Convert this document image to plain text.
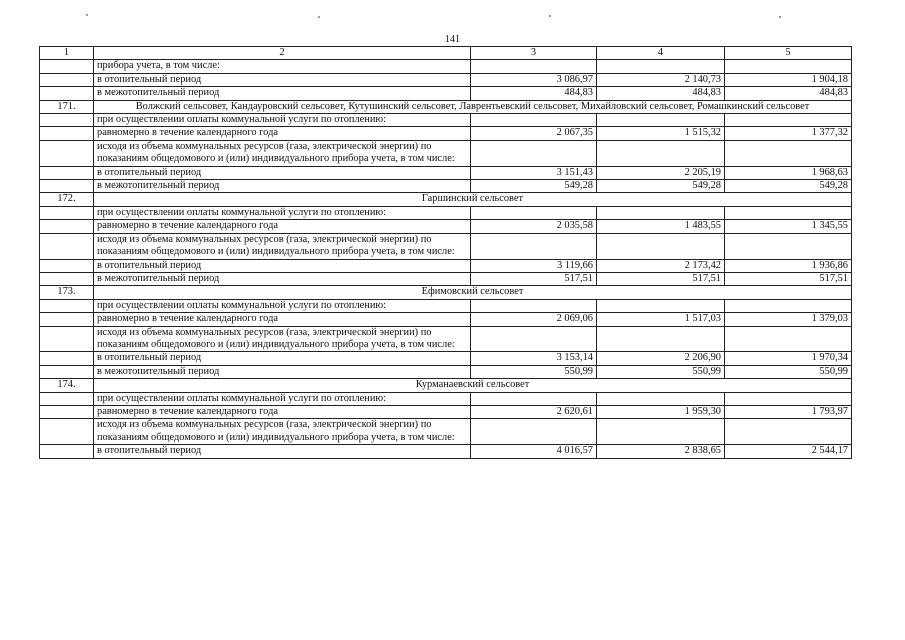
141
1	2	3	4	5
	прибора учета, в том числе:			
	в отопительный период	3 086,97	2 140,73	1 904,18
	в межотопительный период	484,83	484,83	484,83
171.	Волжский сельсовет, Кандауровский сельсовет, Кутушинский сельсовет, Лаврентьевский сельсовет, Михайловский сельсовет, Ромашкинский сельсовет			
	при осуществлении оплаты коммунальной услуги по отоплению:			
	равномерно в течение календарного года	2 067,35	1 515,32	1 377,32
	исходя из объема коммунальных ресурсов (газа, электрической энергии) по показаниям общедомового и (или) индивидуального прибора учета, в том числе:			
	в отопительный период	3 151,43	2 205,19	1 968,63
	в межотопительный период	549,28	549,28	549,28
172.	Гаршинский сельсовет			
	при осуществлении оплаты коммунальной услуги по отоплению:			
	равномерно в течение календарного года	2 035,58	1 483,55	1 345,55
	исходя из объема коммунальных ресурсов (газа, электрической энергии) по показаниям общедомового и (или) индивидуального прибора учета, в том числе:			
	в отопительный период	3 119,66	2 173,42	1 936,86
	в межотопительный период	517,51	517,51	517,51
173.	Ефимовский сельсовет			
	при осуществлении оплаты коммунальной услуги по отоплению:			
	равномерно в течение календарного года	2 069,06	1 517,03	1 379,03
	исходя из объема коммунальных ресурсов (газа, электрической энергии) по показаниям общедомового и (или) индивидуального прибора учета, в том числе:			
	в отопительный период	3 153,14	2 206,90	1 970,34
	в межотопительный период	550,99	550,99	550,99
174.	Курманаевский сельсовет			
	при осуществлении оплаты коммунальной услуги по отоплению:			
	равномерно в течение календарного года	2 620,61	1 959,30	1 793,97
	исходя из объема коммунальных ресурсов (газа, электрической энергии) по показаниям общедомового и (или) индивидуального прибора учета, в том числе:			
	в отопительный период	4 016,57	2 838,65	2 544,17
